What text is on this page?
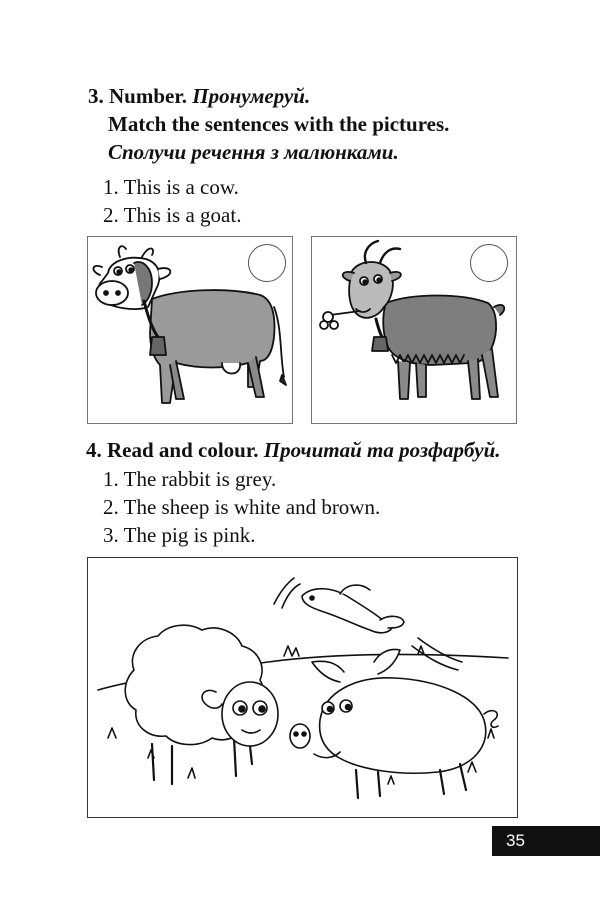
3. Number. Пронумеруй.
Match the sentences with the pictures.
Сполучи речення з малюнками.
1. This is a cow.
2. This is a goat.
4. Read and colour. Прочитай та розфарбуй.
1. The rabbit is grey.
2. The sheep is white and brown.
3. The pig is pink.
35
